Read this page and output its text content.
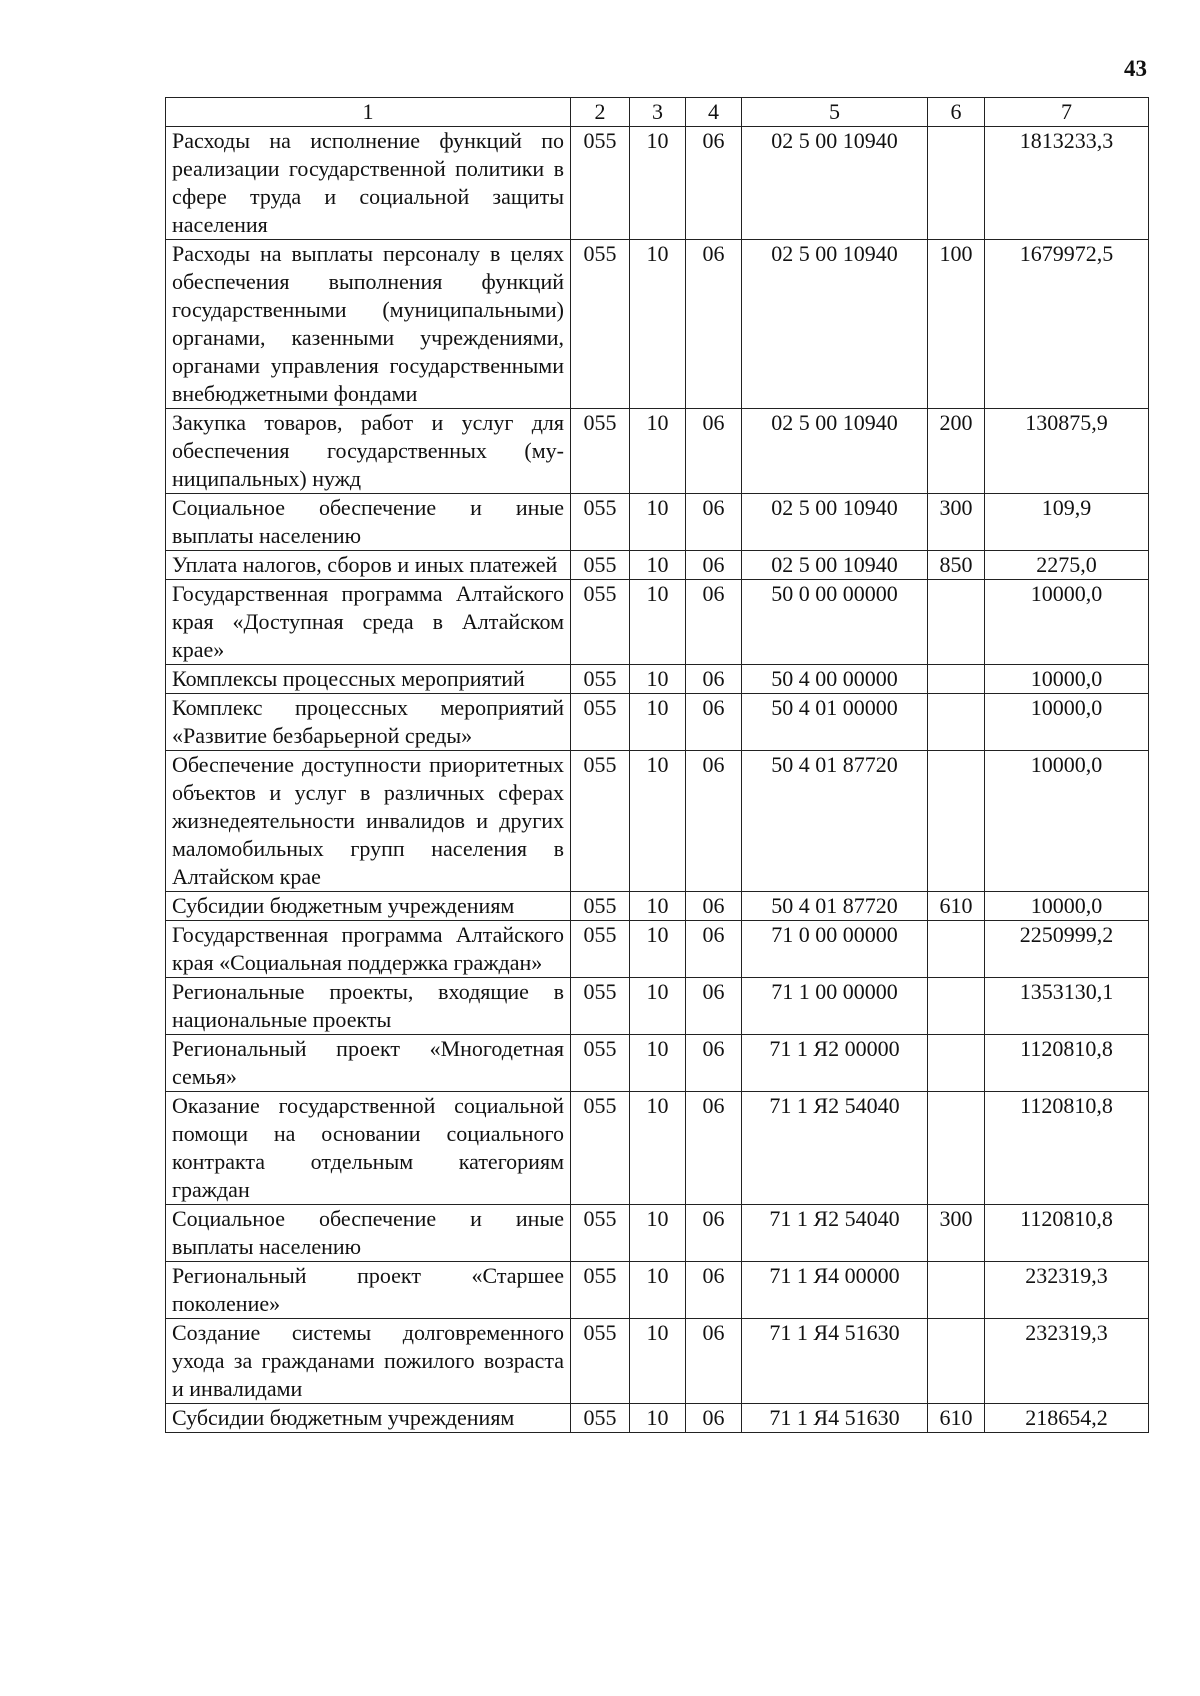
43
1	2	3	4	5	6	7
Расходы на исполнение функций по реализации государственной политики в сфере труда и социальной защиты населения	055	10	06	02 5 00 10940		1813233,3
Расходы на выплаты персоналу в целях обеспечения выполнения функций государственными (муниципальными) органами, казенными учреждениями, органами управления государственными внебюджетными фондами	055	10	06	02 5 00 10940	100	1679972,5
Закупка товаров, работ и услуг для обеспечения государственных (муниципальных) нужд	055	10	06	02 5 00 10940	200	130875,9
Социальное обеспечение и иные выплаты населению	055	10	06	02 5 00 10940	300	109,9
Уплата налогов, сборов и иных платежей	055	10	06	02 5 00 10940	850	2275,0
Государственная программа Алтайского края «Доступная среда в Алтайском крае»	055	10	06	50 0 00 00000		10000,0
Комплексы процессных мероприятий	055	10	06	50 4 00 00000		10000,0
Комплекс процессных мероприятий «Развитие безбарьерной среды»	055	10	06	50 4 01 00000		10000,0
Обеспечение доступности приоритетных объектов и услуг в различных сферах жизнедеятельности инвалидов и других маломобильных групп населения в Алтайском крае	055	10	06	50 4 01 87720		10000,0
Субсидии бюджетным учреждениям	055	10	06	50 4 01 87720	610	10000,0
Государственная программа Алтайского края «Социальная поддержка граждан»	055	10	06	71 0 00 00000		2250999,2
Региональные проекты, входящие в национальные проекты	055	10	06	71 1 00 00000		1353130,1
Региональный проект «Многодетная семья»	055	10	06	71 1 Я2 00000		1120810,8
Оказание государственной социальной помощи на основании социального контракта отдельным категориям граждан	055	10	06	71 1 Я2 54040		1120810,8
Социальное обеспечение и иные выплаты населению	055	10	06	71 1 Я2 54040	300	1120810,8
Региональный проект «Старшее поколение»	055	10	06	71 1 Я4 00000		232319,3
Создание системы долговременного ухода за гражданами пожилого возраста и инвалидами	055	10	06	71 1 Я4 51630		232319,3
Субсидии бюджетным учреждениям	055	10	06	71 1 Я4 51630	610	218654,2
